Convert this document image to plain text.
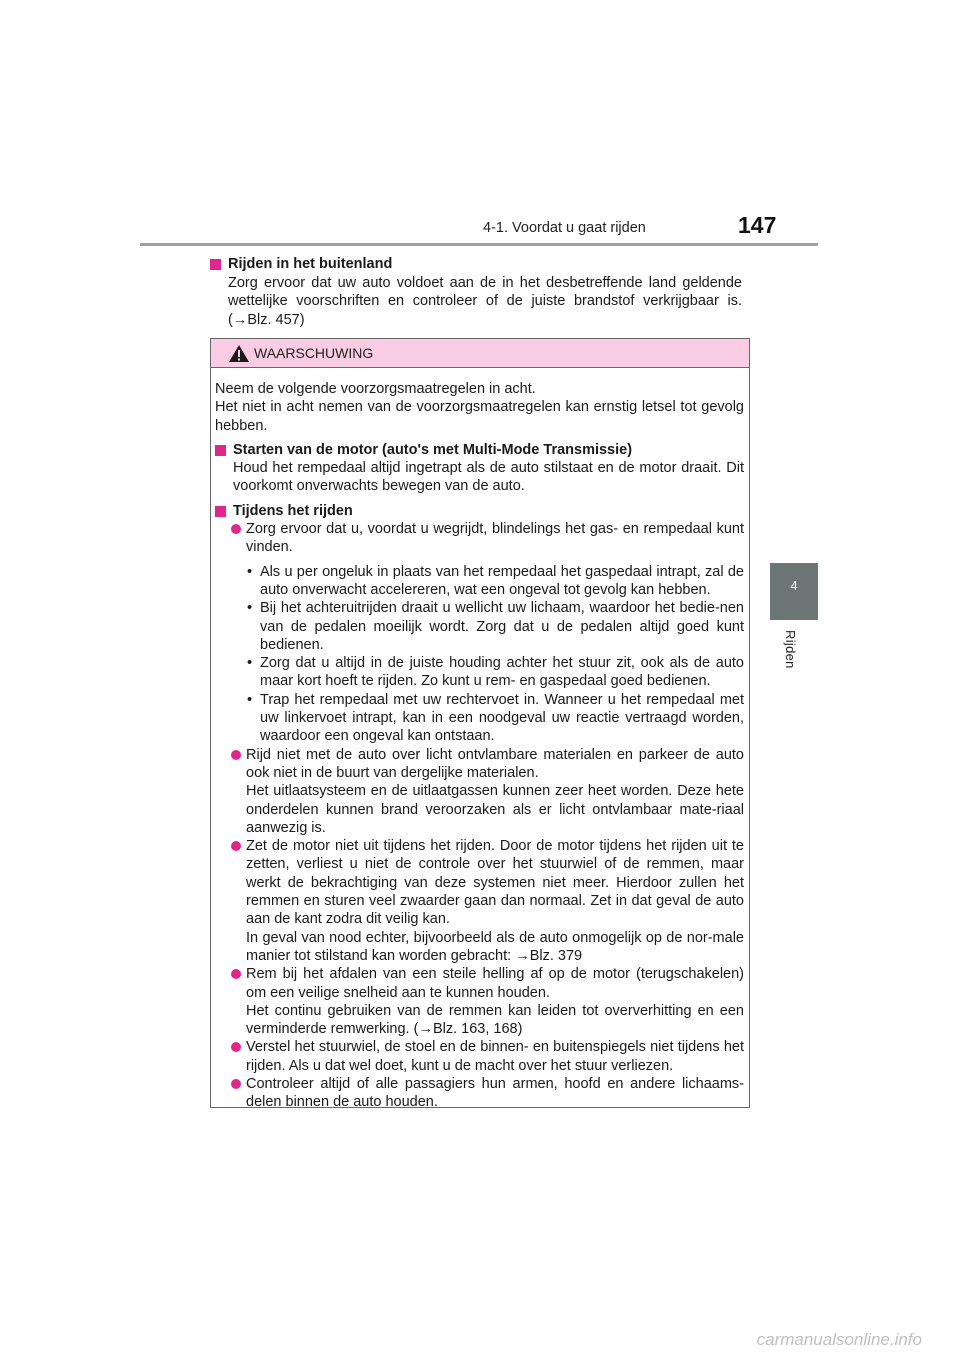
4-1. Voordat u gaat rijden	147
4
Rijden
Rijden in het buitenland
Zorg ervoor dat uw auto voldoet aan de in het desbetreffende land geldende wettelijke voorschriften en controleer of de juiste brandstof verkrijgbaar is. (→Blz. 457)
WAARSCHUWING

Neem de volgende voorzorgsmaatregelen in acht.

Het niet in acht nemen van de voorzorgsmaatregelen kan ernstig letsel tot gevolg hebben.

Starten van de motor (auto's met Multi-Mode Transmissie)

Houd het rempedaal altijd ingetrapt als de auto stilstaat en de motor draait. Dit voorkomt onverwachts bewegen van de auto.

Tijdens het rijden

Zorg ervoor dat u, voordat u wegrijdt, blindelings het gas- en rempedaal kunt vinden.

• Als u per ongeluk in plaats van het rempedaal het gaspedaal intrapt, zal de auto onverwacht accelereren, wat een ongeval tot gevolg kan hebben.

• Bij het achteruitrijden draait u wellicht uw lichaam, waardoor het bedie-nen van de pedalen moeilijk wordt. Zorg dat u de pedalen altijd goed kunt bedienen.

• Zorg dat u altijd in de juiste houding achter het stuur zit, ook als de auto maar kort hoeft te rijden. Zo kunt u rem- en gaspedaal goed bedienen.

• Trap het rempedaal met uw rechtervoet in. Wanneer u het rempedaal met uw linkervoet intrapt, kan in een noodgeval uw reactie vertraagd worden, waardoor een ongeval kan ontstaan.

Rijd niet met de auto over licht ontvlambare materialen en parkeer de auto ook niet in de buurt van dergelijke materialen.

Het uitlaatsysteem en de uitlaatgassen kunnen zeer heet worden. Deze hete onderdelen kunnen brand veroorzaken als er licht ontvlambaar mate-riaal aanwezig is.

Zet de motor niet uit tijdens het rijden. Door de motor tijdens het rijden uit te zetten, verliest u niet de controle over het stuurwiel of de remmen, maar werkt de bekrachtiging van deze systemen niet meer. Hierdoor zullen het remmen en sturen veel zwaarder gaan dan normaal. Zet in dat geval de auto aan de kant zodra dit veilig kan.

In geval van nood echter, bijvoorbeeld als de auto onmogelijk op de nor-male manier tot stilstand kan worden gebracht: →Blz. 379

Rem bij het afdalen van een steile helling af op de motor (terugschakelen) om een veilige snelheid aan te kunnen houden.

Het continu gebruiken van de remmen kan leiden tot oververhitting en een verminderde remwerking. (→Blz. 163, 168)

Verstel het stuurwiel, de stoel en de binnen- en buitenspiegels niet tijdens het rijden. Als u dat wel doet, kunt u de macht over het stuur verliezen.

Controleer altijd of alle passagiers hun armen, hoofd en andere lichaams-delen binnen de auto houden.

carmanualsonline.info
